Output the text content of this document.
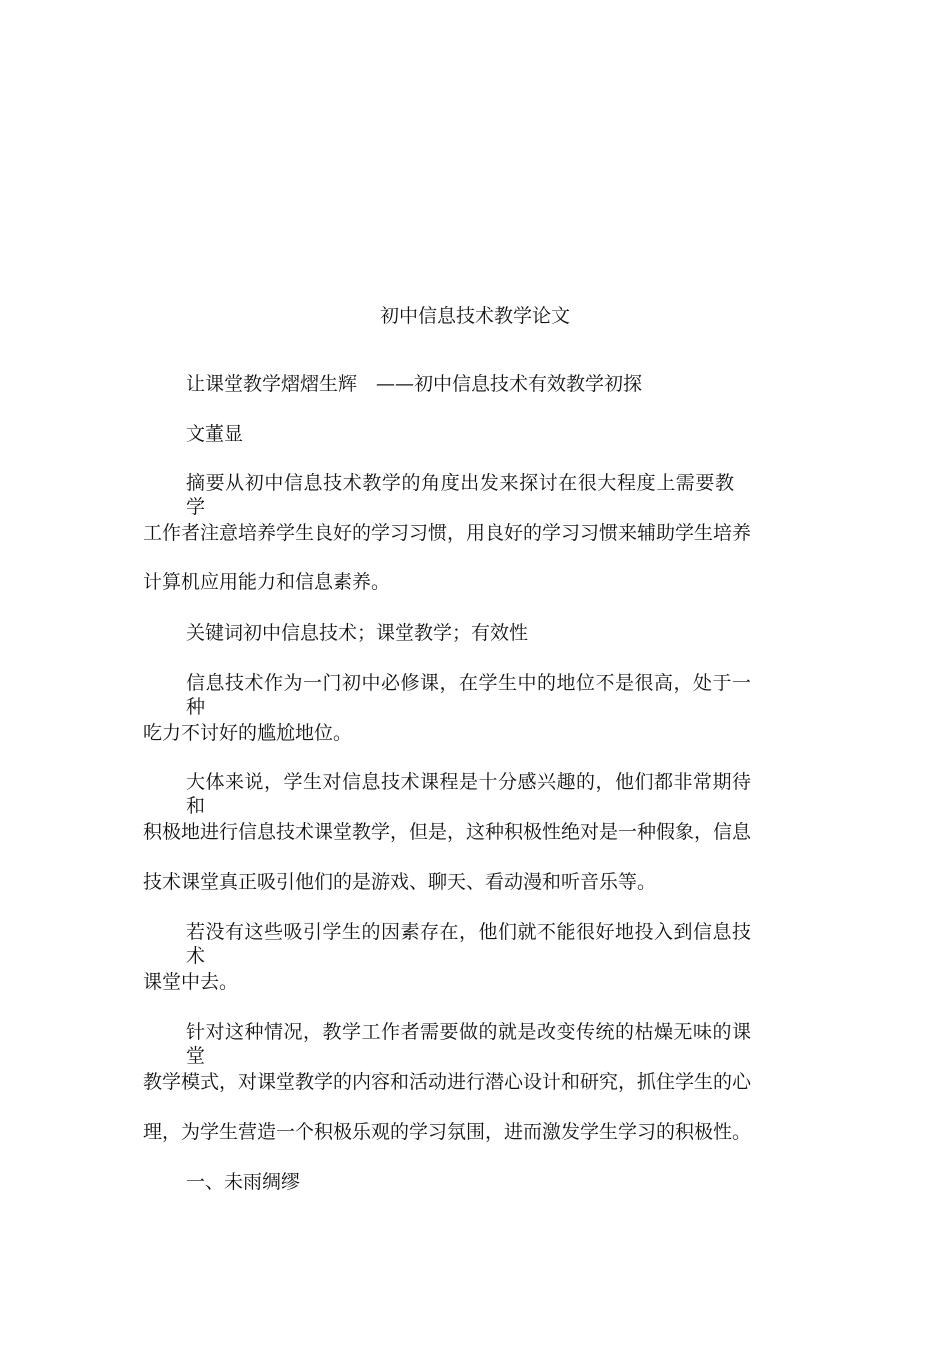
初中信息技术教学论文
让课堂教学熠熠生辉　——初中信息技术有效教学初探
文董显
摘要从初中信息技术教学的角度出发来探讨在很大程度上需要教学
工作者注意培养学生良好的学习习惯，用良好的学习习惯来辅助学生培养
计算机应用能力和信息素养。
关键词初中信息技术；课堂教学；有效性
信息技术作为一门初中必修课，在学生中的地位不是很高，处于一种
吃力不讨好的尴尬地位。
大体来说，学生对信息技术课程是十分感兴趣的，他们都非常期待和
积极地进行信息技术课堂教学，但是，这种积极性绝对是一种假象，信息
技术课堂真正吸引他们的是游戏、聊天、看动漫和听音乐等。
若没有这些吸引学生的因素存在，他们就不能很好地投入到信息技术
课堂中去。
针对这种情况，教学工作者需要做的就是改变传统的枯燥无味的课堂
教学模式，对课堂教学的内容和活动进行潜心设计和研究，抓住学生的心
理，为学生营造一个积极乐观的学习氛围，进而激发学生学习的积极性。
一、未雨绸缪
